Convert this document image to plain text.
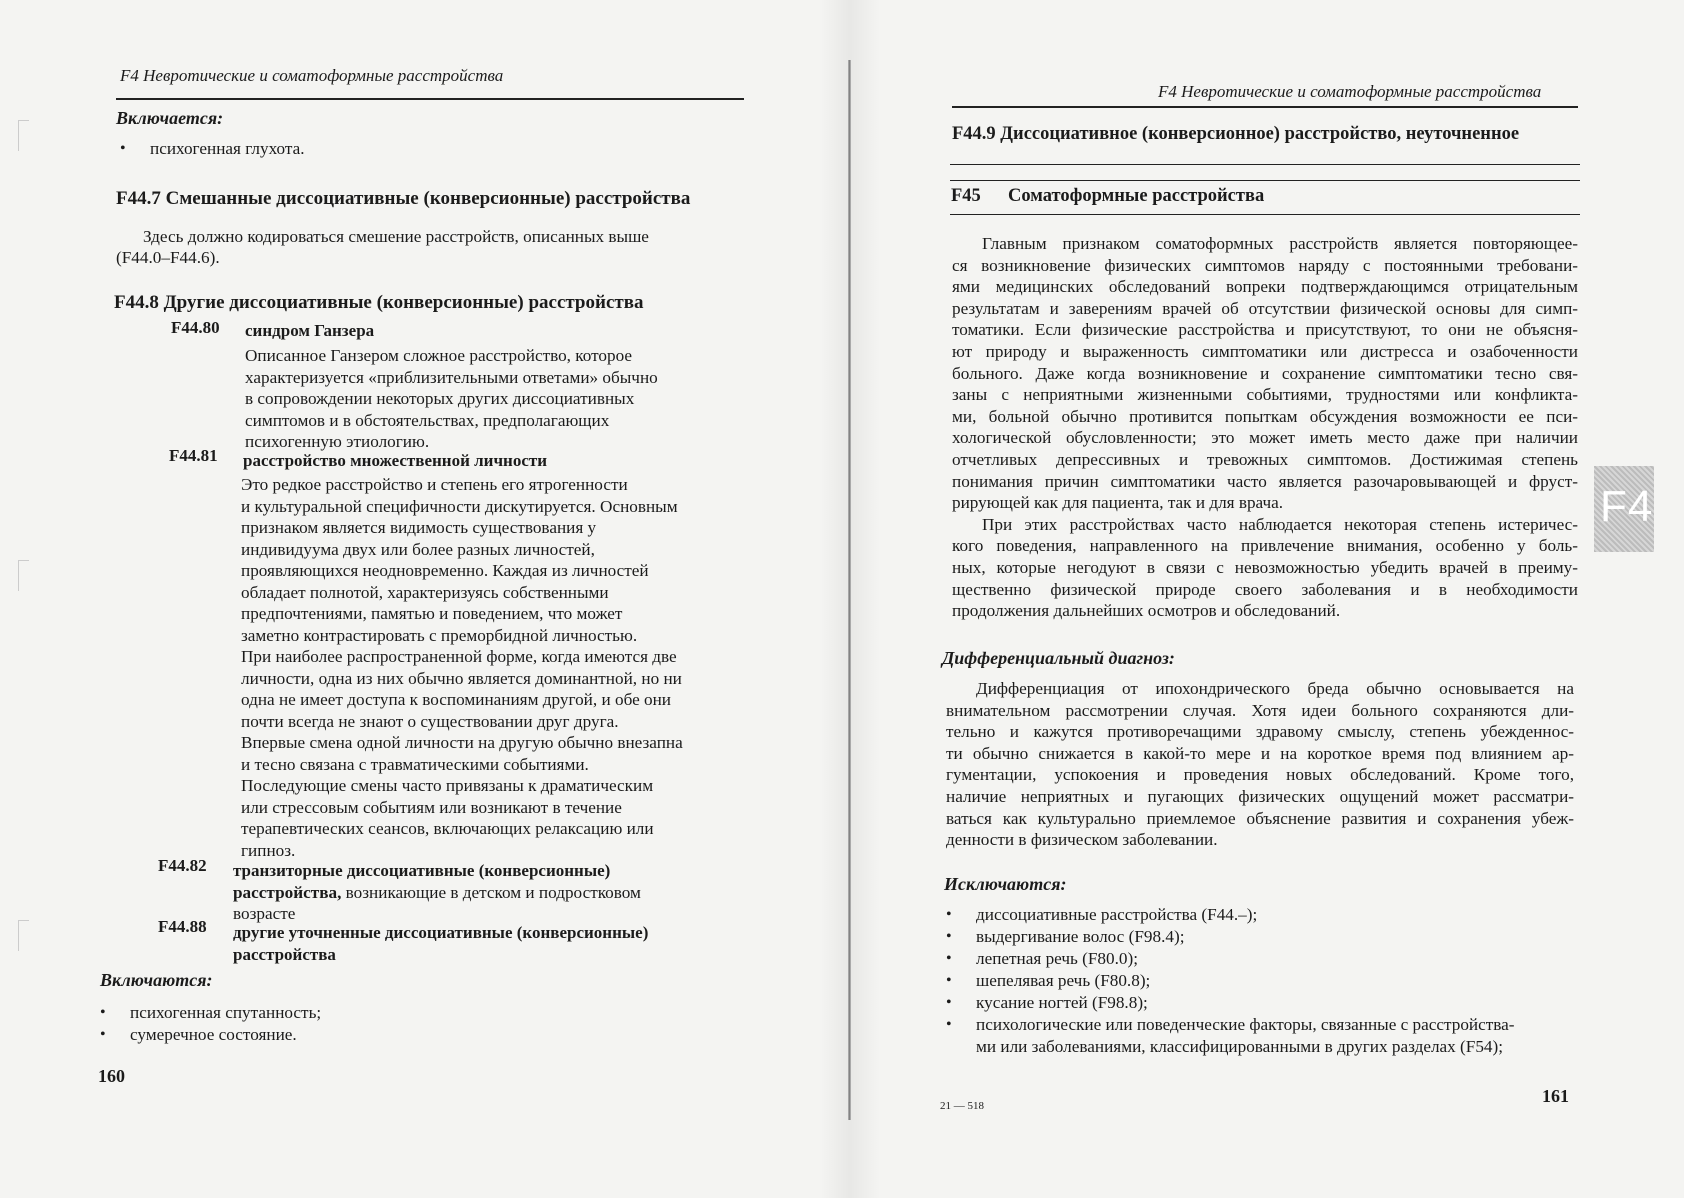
F4 Невротические и соматоформные расстройства
Включается:
• психогенная глухота.
F44.7 Смешанные диссоциативные (конверсионные) расстройства
Здесь должно кодироваться смешение расстройств, описанных выше
(F44.0–F44.6).
F44.8 Другие диссоциативные (конверсионные) расстройства
F44.80 синдром Ганзера
Описанное Ганзером сложное расстройство, которое
характеризуется «приблизительными ответами» обычно
в сопровождении некоторых других диссоциативных
симптомов и в обстоятельствах, предполагающих
психогенную этиологию.
F44.81 расстройство множественной личности
Это редкое расстройство и степень его ятрогенности
и культуральной специфичности дискутируется. Основным
признаком является видимость существования у
индивидуума двух или более разных личностей,
проявляющихся неодновременно. Каждая из личностей
обладает полнотой, характеризуясь собственными
предпочтениями, памятью и поведением, что может
заметно контрастировать с преморбидной личностью.
При наиболее распространенной форме, когда имеются две
личности, одна из них обычно является доминантной, но ни
одна не имеет доступа к воспоминаниям другой, и обе они
почти всегда не знают о существовании друг друга.
Впервые смена одной личности на другую обычно внезапна
и тесно связана с травматическими событиями.
Последующие смены часто привязаны к драматическим
или стрессовым событиям или возникают в течение
терапевтических сеансов, включающих релаксацию или
гипноз.
F44.82 транзиторные диссоциативные (конверсионные)
расстройства, возникающие в детском и подростковом
возрасте
F44.88 другие уточненные диссоциативные (конверсионные)
расстройства
Включаются:
• психогенная спутанность;
• сумеречное состояние.
160
F4 Невротические и соматоформные расстройства
F44.9 Диссоциативное (конверсионное) расстройство, неуточненное
F45 Соматоформные расстройства
Главным признаком соматоформных расстройств является повторяющее-
ся возникновение физических симптомов наряду с постоянными требовани-
ями медицинских обследований вопреки подтверждающимся отрицательным
результатам и заверениям врачей об отсутствии физической основы для симп-
томатики. Если физические расстройства и присутствуют, то они не объясня-
ют природу и выраженность симптоматики или дистресса и озабоченности
больного. Даже когда возникновение и сохранение симптоматики тесно свя-
заны с неприятными жизненными событиями, трудностями или конфликта-
ми, больной обычно противится попыткам обсуждения возможности ее пси-
хологической обусловленности; это может иметь место даже при наличии
отчетливых депрессивных и тревожных симптомов. Достижимая степень
понимания причин симптоматики часто является разочаровывающей и фруст-
рирующей как для пациента, так и для врача.
При этих расстройствах часто наблюдается некоторая степень истеричес-
кого поведения, направленного на привлечение внимания, особенно у боль-
ных, которые негодуют в связи с невозможностью убедить врачей в преиму-
щественно физической природе своего заболевания и в необходимости
продолжения дальнейших осмотров и обследований.
Дифференциальный диагноз:
Дифференциация от ипохондрического бреда обычно основывается на
внимательном рассмотрении случая. Хотя идеи больного сохраняются дли-
тельно и кажутся противоречащими здравому смыслу, степень убежденнос-
ти обычно снижается в какой-то мере и на короткое время под влиянием ар-
гументации, успокоения и проведения новых обследований. Кроме того,
наличие неприятных и пугающих физических ощущений может рассматри-
ваться как культурально приемлемое объяснение развития и сохранения убеж-
денности в физическом заболевании.
Исключаются:
• диссоциативные расстройства (F44.–);
• выдергивание волос (F98.4);
• лепетная речь (F80.0);
• шепелявая речь (F80.8);
• кусание ногтей (F98.8);
• психологические или поведенческие факторы, связанные с расстройства-
ми или заболеваниями, классифицированными в других разделах (F54);
21 — 518	161
F4
